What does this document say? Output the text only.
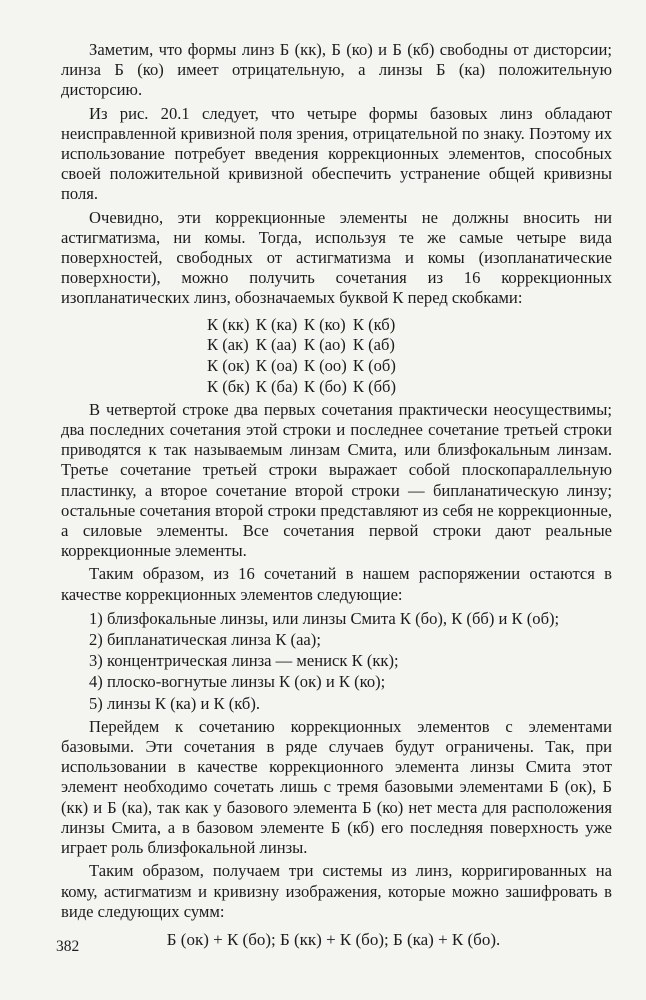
Заметим, что формы линз Б (кк), Б (ко) и Б (кб) свободны от дисторсии; линза Б (ко) имеет отрицательную, а линзы Б (ка) положительную дисторсию.

Из рис. 20.1 следует, что четыре формы базовых линз обладают неисправленной кривизной поля зрения, отрицательной по знаку. Поэтому их использование потребует введения коррекционных элементов, способных своей положительной кривизной обеспечить устранение общей кривизны поля.

Очевидно, эти коррекционные элементы не должны вносить ни астигматизма, ни комы. Тогда, используя те же самые четыре вида поверхностей, свободных от астигматизма и комы (изопланатические поверхности), можно получить сочетания из 16 коррекционных изопланатических линз, обозначаемых буквой К перед скобками:

К (кк)	К (ка)	К (ко)	К (кб)
К (ак)	К (аа)	К (ао)	К (аб)
К (ок)	К (оа)	К (оо)	К (об)
К (бк)	К (ба)	К (бо)	К (бб)

В четвертой строке два первых сочетания практически неосуществимы; два последних сочетания этой строки и последнее сочетание третьей строки приводятся к так называемым линзам Смита, или близфокальным линзам. Третье сочетание третьей строки выражает собой плоскопараллельную пластинку, а второе сочетание второй строки — бипланатическую линзу; остальные сочетания второй строки представляют из себя не коррекционные, а силовые элементы. Все сочетания первой строки дают реальные коррекционные элементы.

Таким образом, из 16 сочетаний в нашем распоряжении остаются в качестве коррекционных элементов следующие:

1) близфокальные линзы, или линзы Смита К (бо), К (бб) и К (об);
2) бипланатическая линза К (аа);
3) концентрическая линза — мениск К (кк);
4) плоско-вогнутые линзы К (ок) и К (ко);
5) линзы К (ка) и К (кб).

Перейдем к сочетанию коррекционных элементов с элементами базовыми. Эти сочетания в ряде случаев будут ограничены. Так, при использовании в качестве коррекционного элемента линзы Смита этот элемент необходимо сочетать лишь с тремя базовыми элементами Б (ок), Б (кк) и Б (ка), так как у базового элемента Б (ко) нет места для расположения линзы Смита, а в базовом элементе Б (кб) его последняя поверхность уже играет роль близфокальной линзы.

Таким образом, получаем три системы из линз, корригированных на кому, астигматизм и кривизну изображения, которые можно зашифровать в виде следующих сумм:

Б (ок) + К (бо); Б (кк) + К (бо); Б (ка) + К (бо).
382
